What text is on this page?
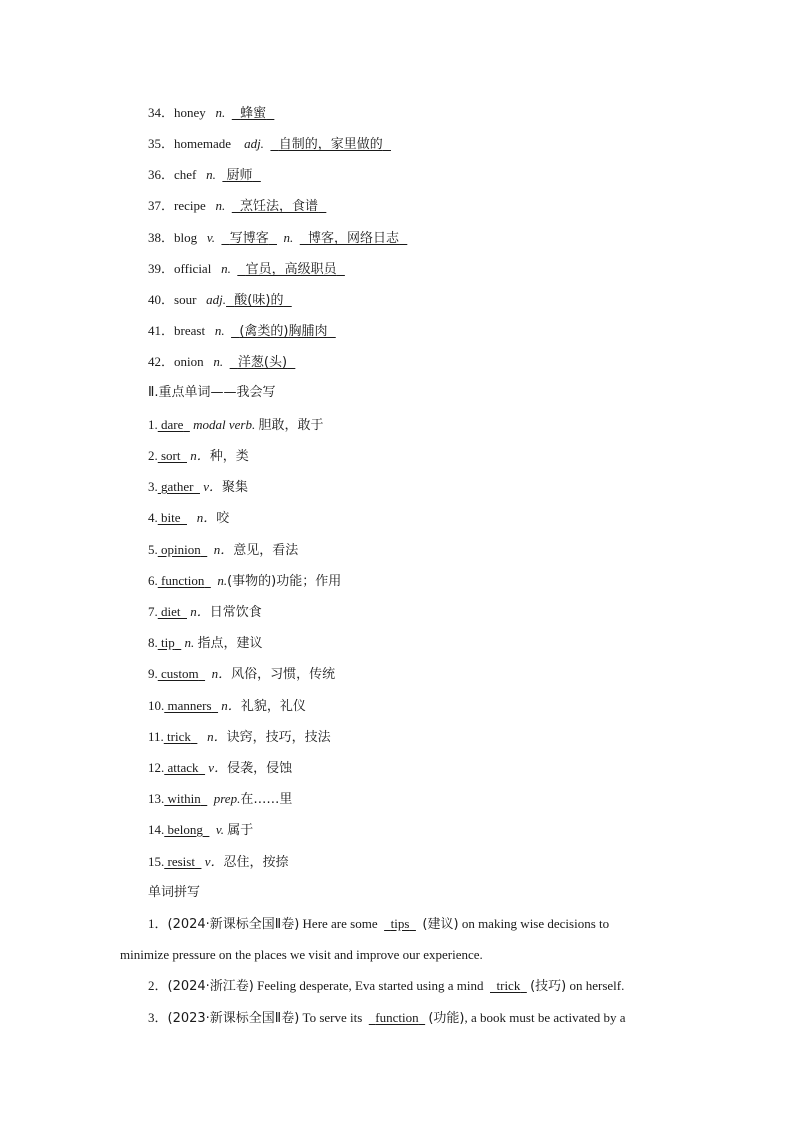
34．honey n. 蜂蜜
35．homemade adj. 自制的，家里做的
36．chef n. 厨师
37．recipe n. 烹饪法，食谱
38．blog v. 写博客 n. 博客，网络日志
39．official n. 官员，高级职员
40．sour adj. 酸(味)的
41．breast n. (禽类的)胸脯肉
42．onion n. 洋葱(头)
Ⅱ.重点单词——我会写
1. dare modal verb. 胆敢，敢于
2. sort n．种，类
3. gather v．聚集
4. bite n．咬
5. opinion n．意见，看法
6. function n.(事物的)功能；作用
7. diet n．日常饮食
8. tip n. 指点，建议
9. custom n．风俗，习惯，传统
10. manners n．礼貌，礼仪
11. trick n．诀窍，技巧，技法
12. attack v．侵袭，侵蚀
13. within prep.在……里
14. belong v. 属于
15. resist v．忍住，按捺
单词拼写
1．(2024·新课标全国Ⅱ卷) Here are some tips (建议) on making wise decisions to
minimize pressure on the places we visit and improve our experience.
2．(2024·浙江卷) Feeling desperate, Eva started using a mind trick (技巧) on herself.
3．(2023·新课标全国Ⅱ卷) To serve its function (功能), a book must be activated by a
